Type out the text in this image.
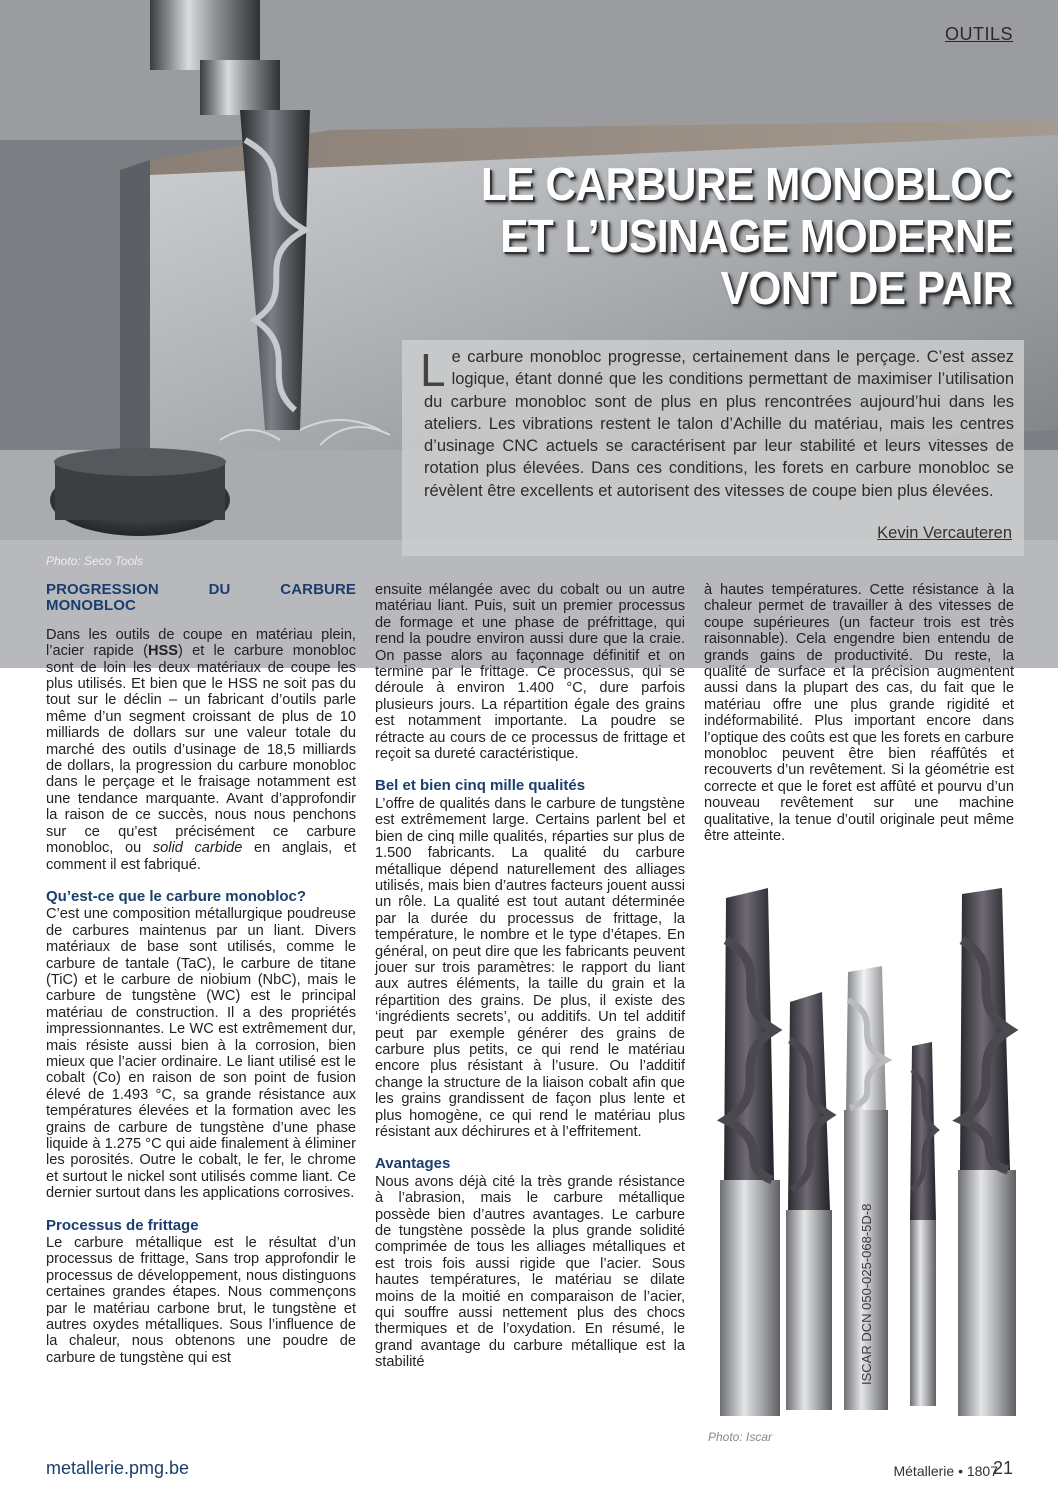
OUTILS
LE CARBURE MONOBLOC
ET L’USINAGE MODERNE
VONT DE PAIR
Le carbure monobloc progresse, certainement dans le perçage. C’est assez logique, étant donné que les conditions permettant de maximiser l’utilisation du carbure monobloc sont de plus en plus rencontrées aujourd’hui dans les ateliers. Les vibrations restent le talon d’Achille du matériau, mais les centres d’usinage CNC actuels se caractérisent par leur stabilité et leurs vitesses de rotation plus élevées. Dans ces conditions, les forets en carbure monobloc se révèlent être excellents et autorisent des vitesses de coupe bien plus élevées.
Kevin Vercauteren
Photo: Seco Tools
PROGRESSION DU CARBURE MONOBLOC

Dans les outils de coupe en matériau plein, l’acier rapide (HSS) et le carbure monobloc sont de loin les deux matériaux de coupe les plus utilisés. Et bien que le HSS ne soit pas du tout sur le déclin – un fabricant d’outils parle même d’un segment croissant de plus de 10 milliards de dollars sur une valeur totale du marché des outils d’usinage de 18,5 milliards de dollars, la progression du carbure monobloc dans le perçage et le fraisage notamment est une tendance marquante. Avant d’approfondir la raison de ce succès, nous nous penchons sur ce qu’est précisément ce carbure monobloc, ou solid carbide en anglais, et comment il est fabriqué.

Qu’est-ce que le carbure monobloc?

C’est une composition métallurgique poudreuse de carbures maintenus par un liant. Divers matériaux de base sont utilisés, comme le carbure de tantale (TaC), le carbure de titane (TiC) et le carbure de niobium (NbC), mais le carbure de tungstène (WC) est le principal matériau de construction. Il a des propriétés impressionnantes. Le WC est extrêmement dur, mais résiste aussi bien à la corrosion, bien mieux que l’acier ordinaire. Le liant utilisé est le cobalt (Co) en raison de son point de fusion élevé de 1.493 °C, sa grande résistance aux températures élevées et la formation avec les grains de carbure de tungstène d’une phase liquide à 1.275 °C qui aide finalement à éliminer les porosités. Outre le cobalt, le fer, le chrome et surtout le nickel sont utilisés comme liant. Ce dernier surtout dans les applications corrosives.

Processus de frittage

Le carbure métallique est le résultat d’un processus de frittage, Sans trop approfondir le processus de développement, nous distinguons certaines grandes étapes. Nous commençons par le matériau carbone brut, le tungstène et autres oxydes métalliques. Sous l’influence de la chaleur, nous obtenons une poudre de carbure de tungstène qui est

ensuite mélangée avec du cobalt ou un autre matériau liant. Puis, suit un premier processus de formage et une phase de préfrittage, qui rend la poudre environ aussi dure que la craie. On passe alors au façonnage définitif et on termine par le frittage. Ce processus, qui se déroule à environ 1.400 °C, dure parfois plusieurs jours. La répartition égale des grains est notamment importante. La poudre se rétracte au cours de ce processus de frittage et reçoit sa dureté caractéristique.

Bel et bien cinq mille qualités

L’offre de qualités dans le carbure de tungstène est extrêmement large. Certains parlent bel et bien de cinq mille qualités, réparties sur plus de 1.500 fabricants. La qualité du carbure métallique dépend naturellement des alliages utilisés, mais bien d’autres facteurs jouent aussi un rôle. La qualité est tout autant déterminée par la durée du processus de frittage, la température, le nombre et le type d’étapes. En général, on peut dire que les fabricants peuvent jouer sur trois paramètres: le rapport du liant aux autres éléments, la taille du grain et la répartition des grains. De plus, il existe des ‘ingrédients secrets’, ou additifs. Un tel additif peut par exemple générer des grains de carbure plus petits, ce qui rend le matériau encore plus résistant à l’usure. Ou l’additif change la structure de la liaison cobalt afin que les grains grandissent de façon plus lente et plus homogène, ce qui rend le matériau plus résistant aux déchirures et à l’effritement.

Avantages

Nous avons déjà cité la très grande résistance à l’abrasion, mais le carbure métallique possède bien d’autres avantages. Le carbure de tungstène possède la plus grande solidité comprimée de tous les alliages métalliques et est trois fois aussi rigide que l’acier. Sous hautes températures, le matériau se dilate moins de la moitié en comparaison de l’acier, qui souffre aussi nettement plus des chocs thermiques et de l’oxydation. En résumé, le grand avantage du carbure métallique est la stabilité

à hautes températures. Cette résistance à la chaleur permet de travailler à des vitesses de coupe supérieures (un facteur trois est très raisonnable). Cela engendre bien entendu de grands gains de productivité. Du reste, la qualité de surface et la précision augmentent aussi dans la plupart des cas, du fait que le matériau offre une plus grande rigidité et indéformabilité. Plus important encore dans l’optique des coûts est que les forets en carbure monobloc peuvent être bien réaffûtés et recouverts d’un revêtement. Si la géométrie est correcte et que le foret est affûté et pourvu d’un nouveau revêtement sur une machine qualitative, la tenue d’outil originale peut même être atteinte.

ISCAR DCN 050-025-068-5D-8
Photo: Iscar
metallerie.pmg.be	Métallerie • 1807
21
